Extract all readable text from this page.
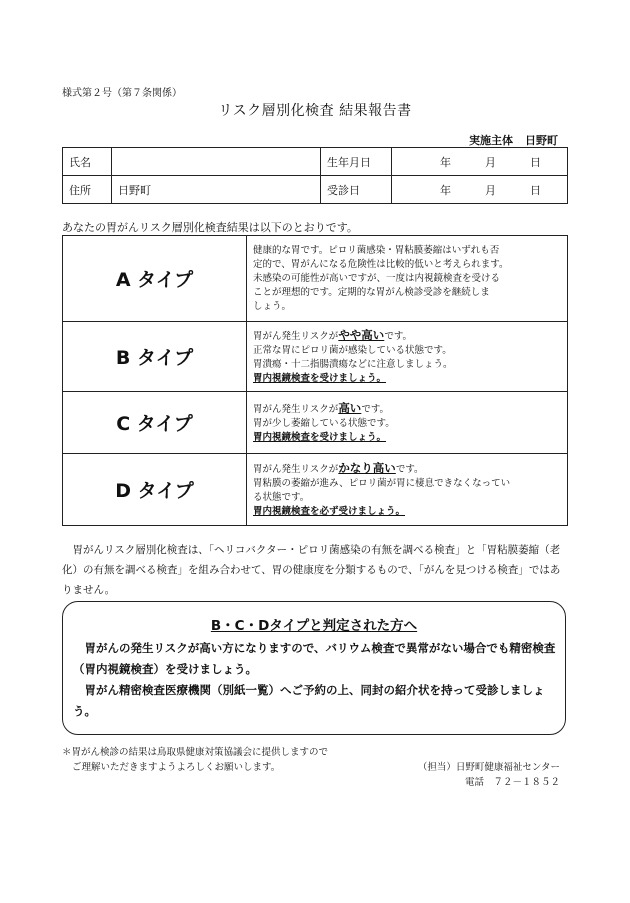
様式第２号（第７条関係）
リスク層別化検査 結果報告書
実施主体 日野町
氏名		生年月日	年 月 日

住所	日野町	受診日	年 月 日
あなたの胃がんリスク層別化検査結果は以下のとおりです。
A タイプ	健康的な胃です。ピロリ菌感染・胃粘膜萎縮はいずれも否
定的で、胃がんになる危険性は比較的低いと考えられます。
未感染の可能性が高いですが、一度は内視鏡検査を受ける
ことが理想的です。定期的な胃がん検診受診を継続しま
しょう。

B タイプ	胃がん発生リスクがやや高いです。
正常な胃にピロリ菌が感染している状態です。
胃潰瘍・十二指腸潰瘍などに注意しましょう。
胃内視鏡検査を受けましょう。

C タイプ	胃がん発生リスクが高いです。
胃が少し萎縮している状態です。
胃内視鏡検査を受けましょう。

D タイプ	胃がん発生リスクがかなり高いです。
胃粘膜の萎縮が進み、ピロリ菌が胃に棲息できなくなってい
る状態です。
胃内視鏡検査を必ず受けましょう。
胃がんリスク層別化検査は、「ヘリコバクター・ピロリ菌感染の有無を調べる検査」と「胃粘膜萎縮（老化）の有無を調べる検査」を組み合わせて、胃の健康度を分類するもので、「がんを見つける検査」ではありません。
B・C・Dタイプと判定された方へ

胃がんの発生リスクが高い方になりますので、バリウム検査で異常がない場合でも精密検査（胃内視鏡検査）を受けましょう。

胃がん精密検査医療機関（別紙一覧）へご予約の上、同封の紹介状を持って受診しましょう。

＊胃がん検診の結果は鳥取県健康対策協議会に提供しますので
ご理解いただきますようよろしくお願いします。	（担当）日野町健康福祉センター
電話　７２－１８５２
